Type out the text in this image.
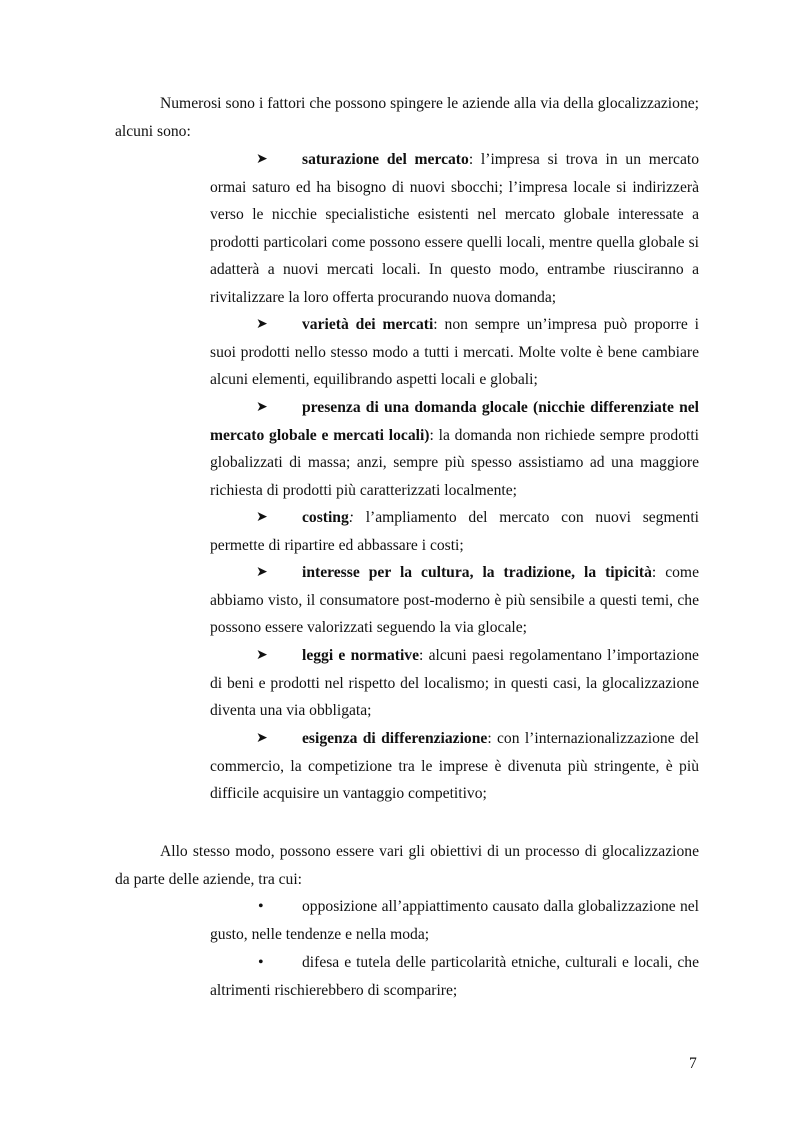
Numerosi sono i fattori che possono spingere le aziende alla via della glocalizzazione; alcuni sono:

➤ saturazione del mercato: l’impresa si trova in un mercato ormai saturo ed ha bisogno di nuovi sbocchi; l’impresa locale si indirizzerà verso le nicchie specialistiche esistenti nel mercato globale interessate a prodotti particolari come possono essere quelli locali, mentre quella globale si adatterà a nuovi mercati locali. In questo modo, entrambe riusciranno a rivitalizzare la loro offerta procurando nuova domanda;

➤ varietà dei mercati: non sempre un’impresa può proporre i suoi prodotti nello stesso modo a tutti i mercati. Molte volte è bene cambiare alcuni elementi, equilibrando aspetti locali e globali;

➤ presenza di una domanda glocale (nicchie differenziate nel mercato globale e mercati locali): la domanda non richiede sempre prodotti globalizzati di massa; anzi, sempre più spesso assistiamo ad una maggiore richiesta di prodotti più caratterizzati localmente;

➤ costing: l’ampliamento del mercato con nuovi segmenti permette di ripartire ed abbassare i costi;

➤ interesse per la cultura, la tradizione, la tipicità: come abbiamo visto, il consumatore post-moderno è più sensibile a questi temi, che possono essere valorizzati seguendo la via glocale;

➤ leggi e normative: alcuni paesi regolamentano l’importazione di beni e prodotti nel rispetto del localismo; in questi casi, la glocalizzazione diventa una via obbligata;

➤ esigenza di differenziazione: con l’internazionalizzazione del commercio, la competizione tra le imprese è divenuta più stringente, è più difficile acquisire un vantaggio competitivo;

Allo stesso modo, possono essere vari gli obiettivi di un processo di glocalizzazione da parte delle aziende, tra cui:

• opposizione all’appiattimento causato dalla globalizzazione nel gusto, nelle tendenze e nella moda;

• difesa e tutela delle particolarità etniche, culturali e locali, che altrimenti rischierebbero di scomparire;

7
